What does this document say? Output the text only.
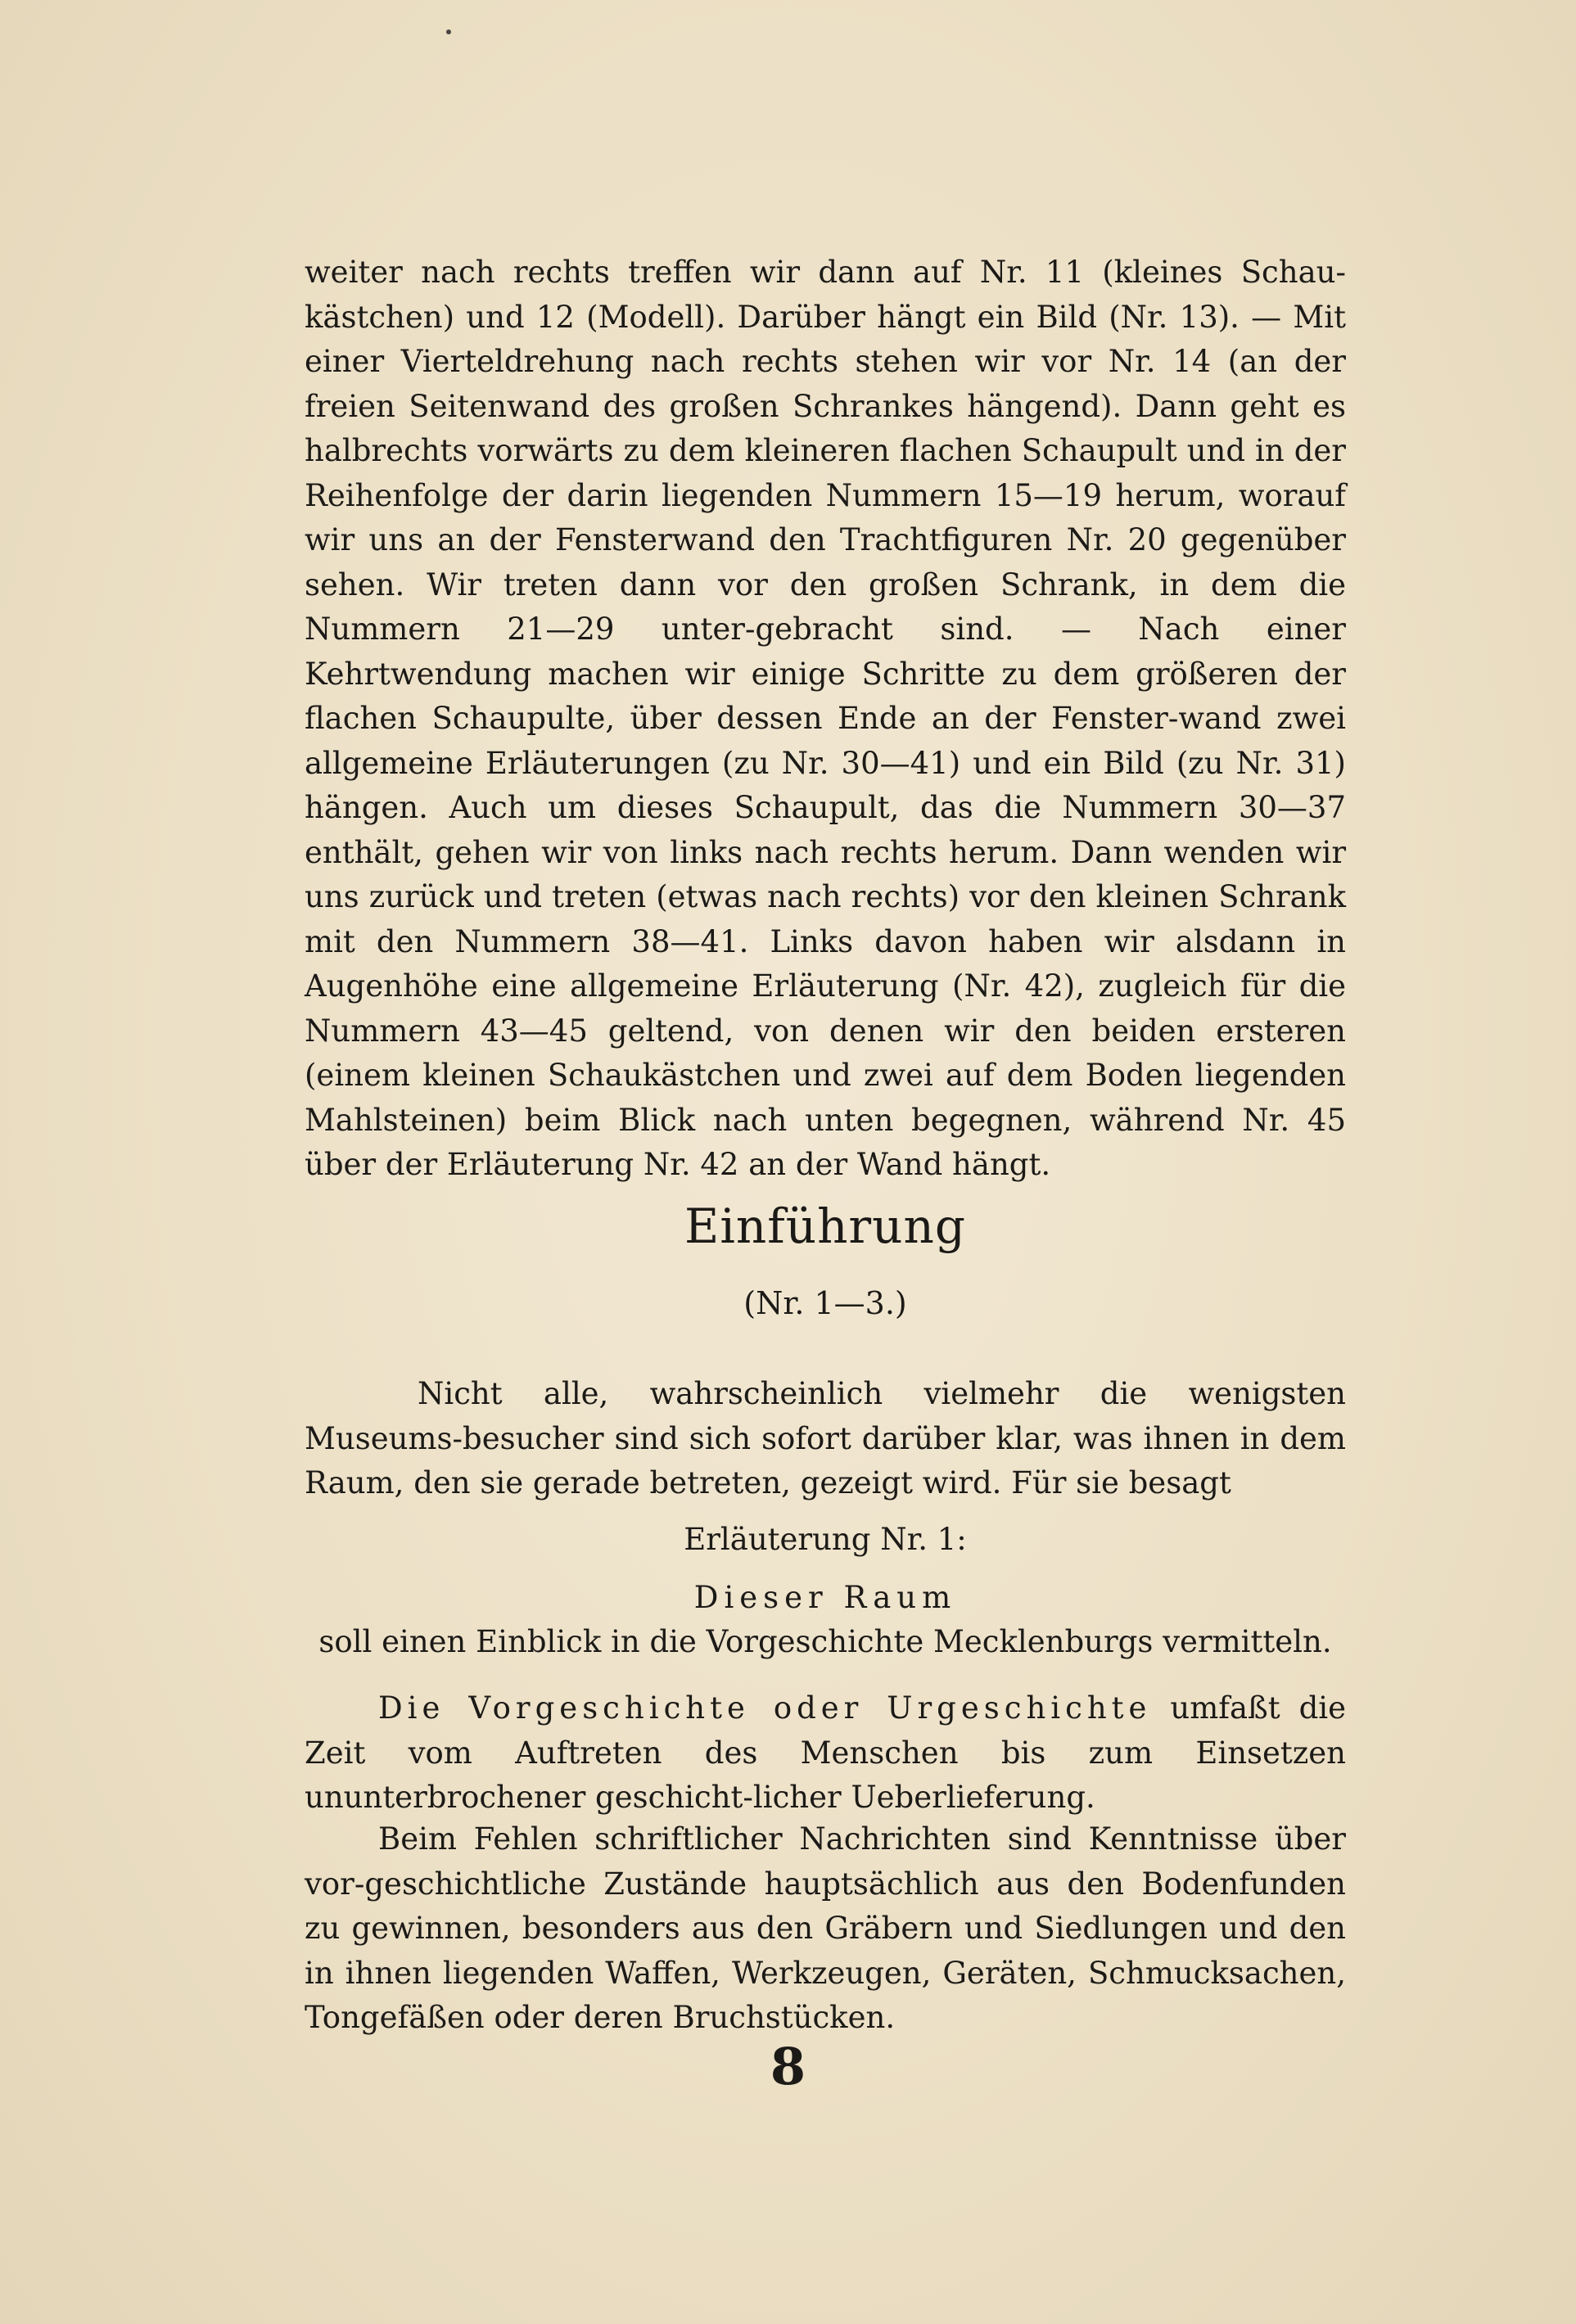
weiter nach rechts treffen wir dann auf Nr. 11 (kleines Schau-kästchen) und 12 (Modell). Darüber hängt ein Bild (Nr. 13). — Mit einer Vierteldrehung nach rechts stehen wir vor Nr. 14 (an der freien Seitenwand des großen Schrankes hängend). Dann geht es halbrechts vorwärts zu dem kleineren flachen Schaupult und in der Reihenfolge der darin liegenden Nummern 15—19 herum, worauf wir uns an der Fensterwand den Trachtfiguren Nr. 20 gegenüber sehen. Wir treten dann vor den großen Schrank, in dem die Nummern 21—29 unter-gebracht sind. — Nach einer Kehrtwendung machen wir einige Schritte zu dem größeren der flachen Schaupulte, über dessen Ende an der Fenster-wand zwei allgemeine Erläuterungen (zu Nr. 30—41) und ein Bild (zu Nr. 31) hängen. Auch um dieses Schaupult, das die Nummern 30—37 enthält, gehen wir von links nach rechts herum. Dann wenden wir uns zurück und treten (etwas nach rechts) vor den kleinen Schrank mit den Nummern 38—41. Links davon haben wir alsdann in Augenhöhe eine allgemeine Erläuterung (Nr. 42), zugleich für die Nummern 43—45 geltend, von denen wir den beiden ersteren (einem kleinen Schaukästchen und zwei auf dem Boden liegenden Mahlsteinen) beim Blick nach unten begegnen, während Nr. 45 über der Erläuterung Nr. 42 an der Wand hängt.
Einführung
(Nr. 1—3.)
Nicht alle, wahrscheinlich vielmehr die wenigsten Museums-besucher sind sich sofort darüber klar, was ihnen in dem Raum, den sie gerade betreten, gezeigt wird. Für sie besagt
Erläuterung Nr. 1:
Dieser Raum
soll einen Einblick in die Vorgeschichte Mecklenburgs vermitteln.
Die Vorgeschichte oder Urgeschichte umfaßt die Zeit vom Auftreten des Menschen bis zum Einsetzen ununterbrochener geschicht-licher Ueberlieferung.
Beim Fehlen schriftlicher Nachrichten sind Kenntnisse über vor-geschichtliche Zustände hauptsächlich aus den Bodenfunden zu gewinnen, besonders aus den Gräbern und Siedlungen und den in ihnen liegenden Waffen, Werkzeugen, Geräten, Schmucksachen, Tongefäßen oder deren Bruchstücken.
8
